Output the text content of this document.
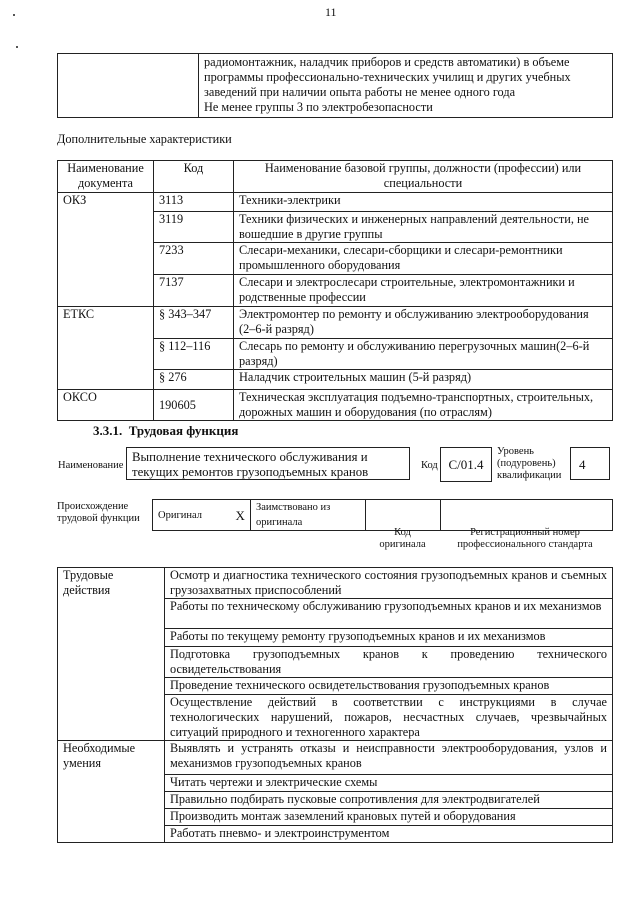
11

радиомонтажник, наладчик приборов и средств автоматики) в объеме
программы профессионально-технических училищ и других учебных
заведений при наличии опыта работы не менее одного года
Не менее группы 3 по электробезопасности
Дополнительные характеристики
Наименование документа	Код	Наименование базовой группы, должности (профессии) или специальности
ОКЗ	3113	Техники-электрики
	3119	Техники физических и инженерных направлений деятельности, не вошедшие в другие группы
	7233	Слесари-механики, слесари-сборщики и слесари-ремонтники промышленного оборудования
	7137	Слесари и электрослесари строительные, электромонтажники и родственные профессии
ЕТКС	§ 343–347	Электромонтер по ремонту и обслуживанию электрооборудования (2–6-й разряд)
	§ 112–116	Слесарь по ремонту и обслуживанию перегрузочных машин(2–6-й разряд)
	§ 276	Наладчик строительных машин (5-й разряд)
ОКСО	190605	Техническая эксплуатация подъемно-транспортных, строительных, дорожных машин и оборудования (по отраслям)
3.3.1.  Трудовая функция
Наименование
Выполнение технического обслуживания и текущих ремонтов грузоподъемных кранов	Код С/01.4
Уровень (подуровень) квалификации
4
Происхождение трудовой функции	Оригинал	X	Заимствовано из оригинала		
Код оригинала
Регистрационный номер профессионального стандарта
Трудовые действия	Осмотр и диагностика технического состояния грузоподъемных кранов и съемных грузозахватных приспособлений
	Работы по техническому обслуживанию грузоподъемных кранов и их механизмов
	Работы по текущему ремонту грузоподъемных кранов и их механизмов
	Подготовка грузоподъемных кранов к проведению технического освидетельствования
	Проведение технического освидетельствования грузоподъемных кранов
	Осуществление действий в соответствии с инструкциями в случае технологических нарушений, пожаров, несчастных случаев, чрезвычайных ситуаций природного и техногенного характера
Необходимые умения	Выявлять и устранять отказы и неисправности электрооборудования, узлов и механизмов грузоподъемных кранов
	Читать чертежи и электрические схемы
	Правильно подбирать пусковые сопротивления для электродвигателей
	Производить монтаж заземлений крановых путей и оборудования
	Работать пневмо- и электроинструментом
